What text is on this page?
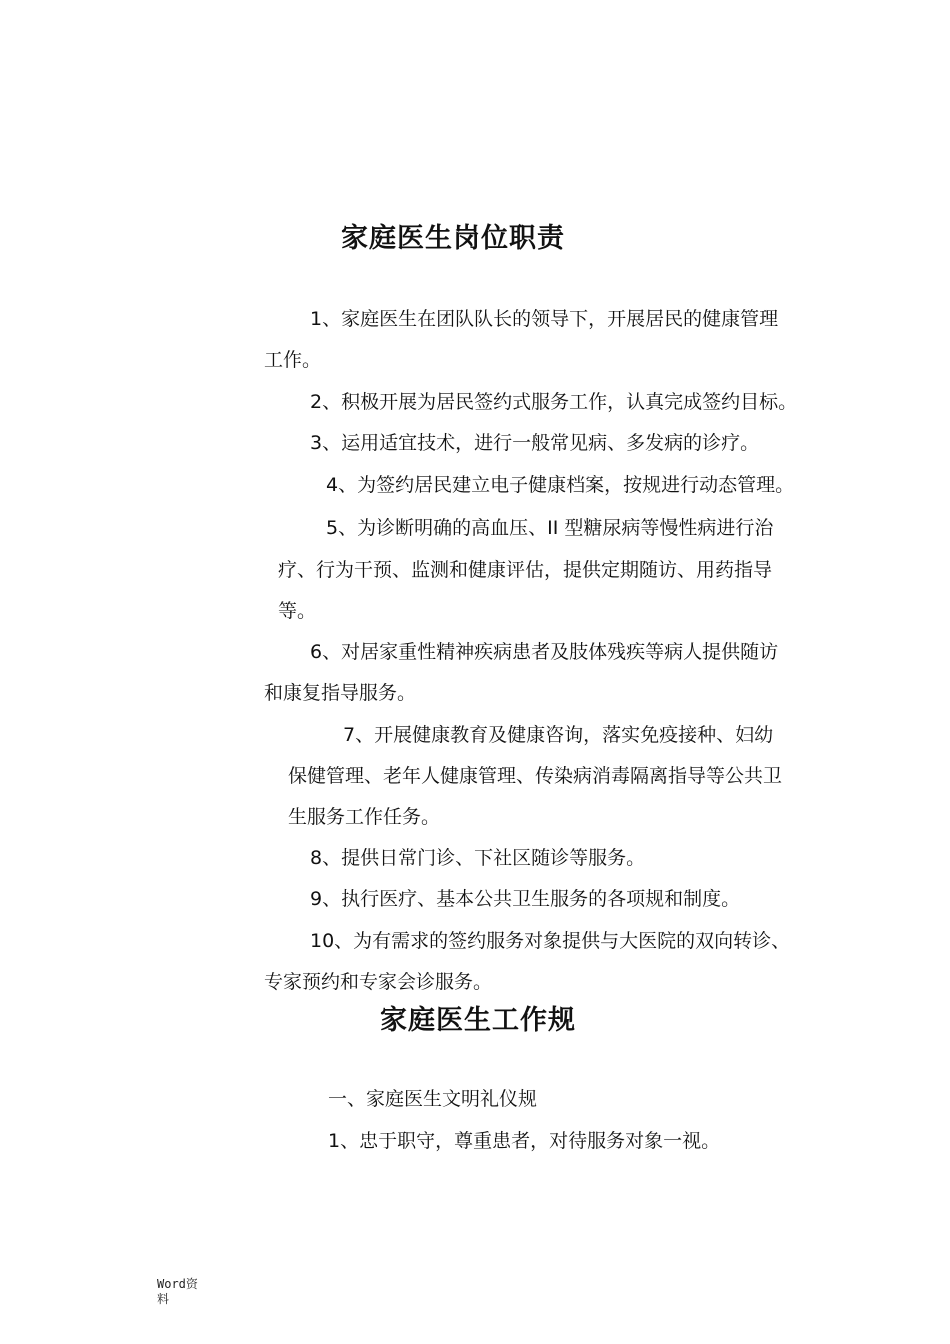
家庭医生岗位职责
1、家庭医生在团队队长的领导下，开展居民的健康管理
工作。
2、积极开展为居民签约式服务工作，认真完成签约目标。
3、运用适宜技术，进行一般常见病、多发病的诊疗。
4、为签约居民建立电子健康档案，按规进行动态管理。
5、为诊断明确的高血压、II 型糖尿病等慢性病进行治
疗、行为干预、监测和健康评估，提供定期随访、用药指导
等。
6、对居家重性精神疾病患者及肢体残疾等病人提供随访
和康复指导服务。
7、开展健康教育及健康咨询，落实免疫接种、妇幼
保健管理、老年人健康管理、传染病消毒隔离指导等公共卫
生服务工作任务。
8、提供日常门诊、下社区随诊等服务。
9、执行医疗、基本公共卫生服务的各项规和制度。
10、为有需求的签约服务对象提供与大医院的双向转诊、
专家预约和专家会诊服务。
家庭医生工作规
一、家庭医生文明礼仪规
1、忠于职守，尊重患者，对待服务对象一视。
Word资
料
